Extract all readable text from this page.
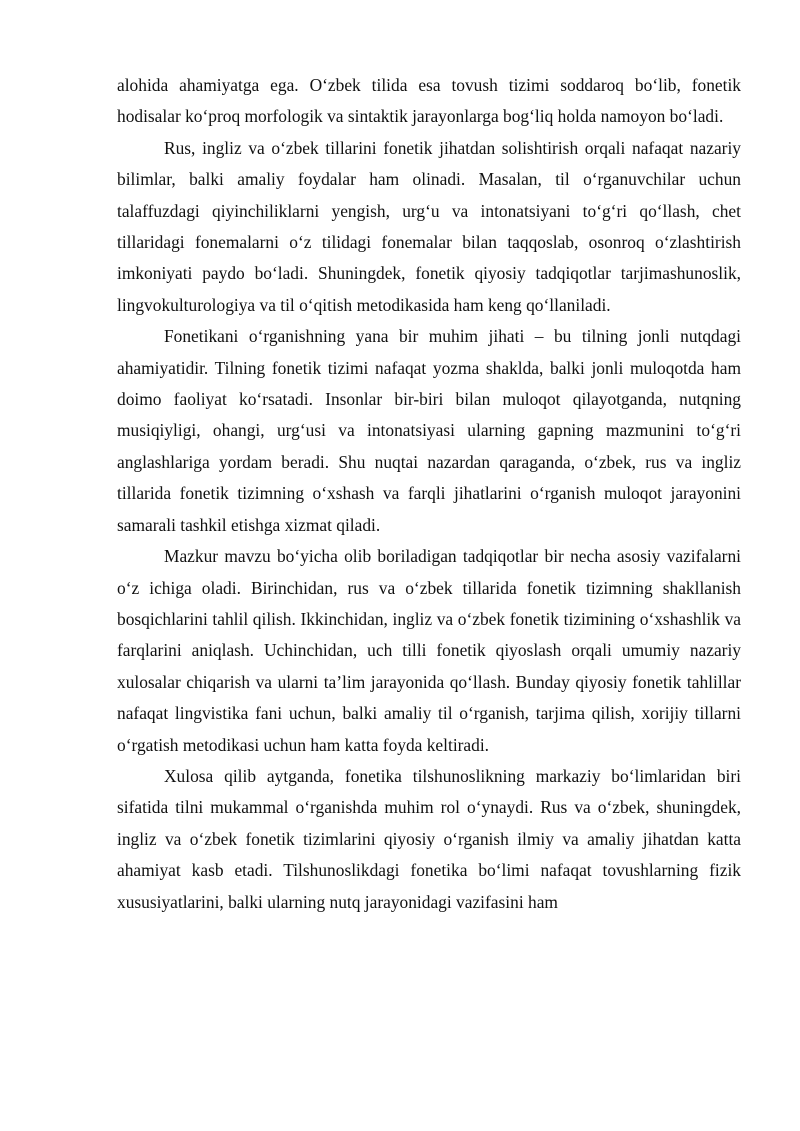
alohida ahamiyatga ega. O‘zbek tilida esa tovush tizimi soddaroq bo‘lib, fonetik hodisalar ko‘proq morfologik va sintaktik jarayonlarga bog‘liq holda namoyon bo‘ladi.

Rus, ingliz va o‘zbek tillarini fonetik jihatdan solishtirish orqali nafaqat nazariy bilimlar, balki amaliy foydalar ham olinadi. Masalan, til o‘rganuvchilar uchun talaffuzdagi qiyinchiliklarni yengish, urg‘u va intonatsiyani to‘g‘ri qo‘llash, chet tillaridagi fonemalarni o‘z tilidagi fonemalar bilan taqqoslab, osonroq o‘zlashtirish imkoniyati paydo bo‘ladi. Shuningdek, fonetik qiyosiy tadqiqotlar tarjimashunoslik, lingvokulturologiya va til o‘qitish metodikasida ham keng qo‘llaniladi.

Fonetikani o‘rganishning yana bir muhim jihati – bu tilning jonli nutqdagi ahamiyatidir. Tilning fonetik tizimi nafaqat yozma shaklda, balki jonli muloqotda ham doimo faoliyat ko‘rsatadi. Insonlar bir-biri bilan muloqot qilayotganda, nutqning musiqiyligi, ohangi, urg‘usi va intonatsiyasi ularning gapning mazmunini to‘g‘ri anglashlariga yordam beradi. Shu nuqtai nazardan qaraganda, o‘zbek, rus va ingliz tillarida fonetik tizimning o‘xshash va farqli jihatlarini o‘rganish muloqot jarayonini samarali tashkil etishga xizmat qiladi.

Mazkur mavzu bo‘yicha olib boriladigan tadqiqotlar bir necha asosiy vazifalarni o‘z ichiga oladi. Birinchidan, rus va o‘zbek tillarida fonetik tizimning shakllanish bosqichlarini tahlil qilish. Ikkinchidan, ingliz va o‘zbek fonetik tizimining o‘xshashlik va farqlarini aniqlash. Uchinchidan, uch tilli fonetik qiyoslash orqali umumiy nazariy xulosalar chiqarish va ularni ta’lim jarayonida qo‘llash. Bunday qiyosiy fonetik tahlillar nafaqat lingvistika fani uchun, balki amaliy til o‘rganish, tarjima qilish, xorijiy tillarni o‘rgatish metodikasi uchun ham katta foyda keltiradi.

Xulosa qilib aytganda, fonetika tilshunoslikning markaziy bo‘limlaridan biri sifatida tilni mukammal o‘rganishda muhim rol o‘ynaydi. Rus va o‘zbek, shuningdek, ingliz va o‘zbek fonetik tizimlarini qiyosiy o‘rganish ilmiy va amaliy jihatdan katta ahamiyat kasb etadi. Tilshunoslikdagi fonetika bo‘limi nafaqat tovushlarning fizik xususiyatlarini, balki ularning nutq jarayonidagi vazifasini ham
